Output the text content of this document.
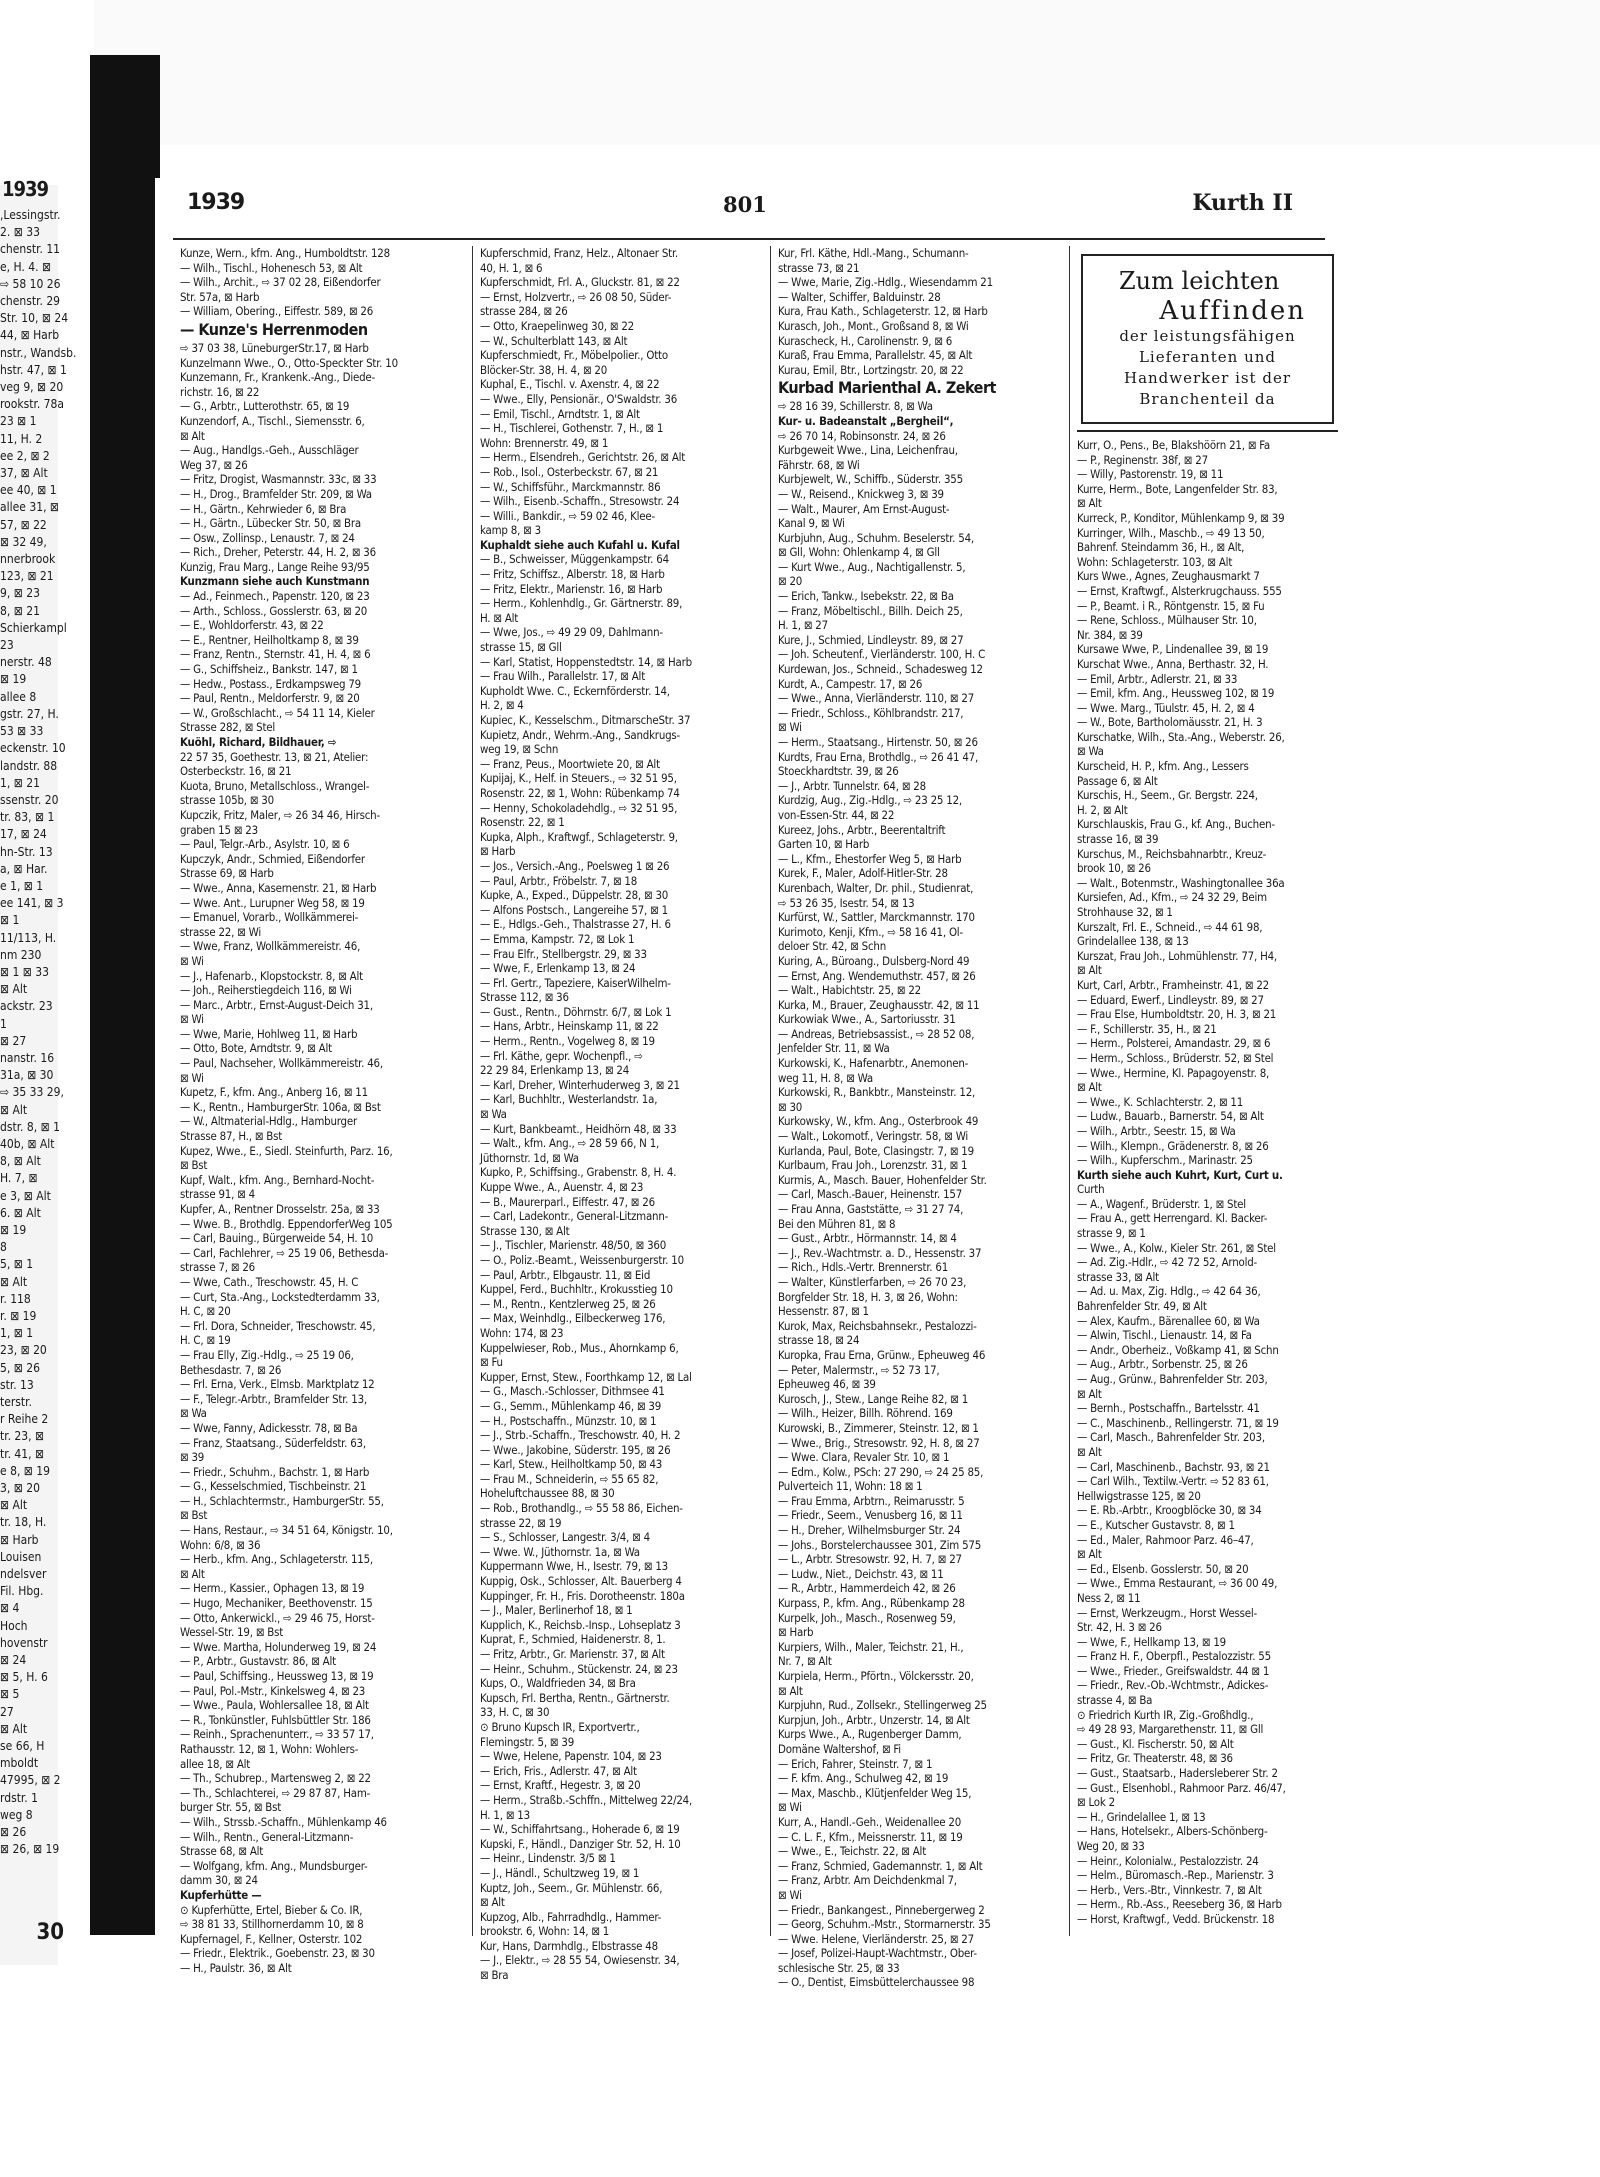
1939
,Lessingstr.
2. ⊠ 33
chenstr. 11
e, H. 4. ⊠
⇨ 58 10 26
chenstr. 29
Str. 10, ⊠ 24
44, ⊠ Harb
nstr., Wandsb.
hstr. 47, ⊠ 1
veg 9, ⊠ 20
rookstr. 78a
23 ⊠ 1
11, H. 2
ee 2, ⊠ 2
37, ⊠ Alt
ee 40, ⊠ 1
allee 31, ⊠
57, ⊠ 22
⊠ 32 49,
nnerbrook
123, ⊠ 21
9, ⊠ 23
8, ⊠ 21
Schierkampl
23
nerstr. 48
⊠ 19
allee 8
gstr. 27, H.
53 ⊠ 33
eckenstr. 10
landstr. 88
1, ⊠ 21
ssenstr. 20
tr. 83, ⊠ 1
17, ⊠ 24
hn-Str. 13
a, ⊠ Har.
e 1, ⊠ 1
ee 141, ⊠ 3
⊠ 1
11/113, H.
nm 230
⊠ 1 ⊠ 33
⊠ Alt
ackstr. 23
1
⊠ 27
nanstr. 16
31a, ⊠ 30
⇨ 35 33 29,
⊠ Alt
dstr. 8, ⊠ 1
40b, ⊠ Alt
8, ⊠ Alt
H. 7, ⊠
e 3, ⊠ Alt
6. ⊠ Alt
⊠ 19
8
5, ⊠ 1
⊠ Alt
r. 118
r. ⊠ 19
1, ⊠ 1
23, ⊠ 20
5, ⊠ 26
str. 13
terstr.
r Reihe 2
tr. 23, ⊠
tr. 41, ⊠
e 8, ⊠ 19
3, ⊠ 20
⊠ Alt
tr. 18, H.
⊠ Harb
Louisen
ndelsver
Fil. Hbg.
⊠ 4
Hoch
hovenstr
⊠ 24
⊠ 5, H. 6
⊠ 5
27
⊠ Alt
se 66, H
mboldt
47995, ⊠ 2
rdstr. 1
weg 8
⊠ 26
⊠ 26, ⊠ 19
30
1939	801	Kurth II
Kunze, Wern., kfm. Ang., Humboldtstr. 128
— Wilh., Tischl., Hohenesch 53, ⊠ Alt
— Wilh., Archit., ⇨ 37 02 28, Eißendorfer
Str. 57a, ⊠ Harb
— William, Obering., Eiffestr. 589, ⊠ 26
— Kunze's Herrenmoden
⇨ 37 03 38, LüneburgerStr.17, ⊠ Harb
Kunzelmann Wwe., O., Otto-Speckter Str. 10
Kunzemann, Fr., Krankenk.-Ang., Diede-
richstr. 16, ⊠ 22
— G., Arbtr., Lutterothstr. 65, ⊠ 19
Kunzendorf, A., Tischl., Siemensstr. 6,
⊠ Alt
— Aug., Handlgs.-Geh., Ausschläger
Weg 37, ⊠ 26
— Fritz, Drogist, Wasmannstr. 33c, ⊠ 33
— H., Drog., Bramfelder Str. 209, ⊠ Wa
— H., Gärtn., Kehrwieder 6, ⊠ Bra
— H., Gärtn., Lübecker Str. 50, ⊠ Bra
— Osw., Zollinsp., Lenaustr. 7, ⊠ 24
— Rich., Dreher, Peterstr. 44, H. 2, ⊠ 36
Kunzig, Frau Marg., Lange Reihe 93/95
Kunzmann siehe auch Kunstmann
— Ad., Feinmech., Papenstr. 120, ⊠ 23
— Arth., Schloss., Gosslerstr. 63, ⊠ 20
— E., Wohldorferstr. 43, ⊠ 22
— E., Rentner, Heilholtkamp 8, ⊠ 39
— Franz, Rentn., Sternstr. 41, H. 4, ⊠ 6
— G., Schiffsheiz., Bankstr. 147, ⊠ 1
— Hedw., Postass., Erdkampsweg 79
— Paul, Rentn., Meldorferstr. 9, ⊠ 20
— W., Großschlacht., ⇨ 54 11 14, Kieler
Strasse 282, ⊠ Stel
Kuöhl, Richard, Bildhauer, ⇨
22 57 35, Goethestr. 13, ⊠ 21, Atelier:
Osterbeckstr. 16, ⊠ 21
Kuota, Bruno, Metallschloss., Wrangel-
strasse 105b, ⊠ 30
Kupczik, Fritz, Maler, ⇨ 26 34 46, Hirsch-
graben 15 ⊠ 23
— Paul, Telgr.-Arb., Asylstr. 10, ⊠ 6
Kupczyk, Andr., Schmied, Eißendorfer
Strasse 69, ⊠ Harb
— Wwe., Anna, Kasernenstr. 21, ⊠ Harb
— Wwe. Ant., Lurupner Weg 58, ⊠ 19
— Emanuel, Vorarb., Wollkämmerei-
strasse 22, ⊠ Wi
— Wwe, Franz, Wollkämmereistr. 46,
⊠ Wi
— J., Hafenarb., Klopstockstr. 8, ⊠ Alt
— Joh., Reiherstiegdeich 116, ⊠ Wi
— Marc., Arbtr., Ernst-August-Deich 31,
⊠ Wi
— Wwe, Marie, Hohlweg 11, ⊠ Harb
— Otto, Bote, Arndtstr. 9, ⊠ Alt
— Paul, Nachseher, Wollkämmereistr. 46,
⊠ Wi
Kupetz, F., kfm. Ang., Anberg 16, ⊠ 11
— K., Rentn., HamburgerStr. 106a, ⊠ Bst
— W., Altmaterial-Hdlg., Hamburger
Strasse 87, H., ⊠ Bst
Kupez, Wwe., E., Siedl. Steinfurth, Parz. 16,
⊠ Bst
Kupf, Walt., kfm. Ang., Bernhard-Nocht-
strasse 91, ⊠ 4
Kupfer, A., Rentner Drosselstr. 25a, ⊠ 33
— Wwe. B., Brothdlg. EppendorferWeg 105
— Carl, Bauing., Bürgerweide 54, H. 10
— Carl, Fachlehrer, ⇨ 25 19 06, Bethesda-
strasse 7, ⊠ 26
— Wwe, Cath., Treschowstr. 45, H. C
— Curt, Sta.-Ang., Lockstedterdamm 33,
H. C, ⊠ 20
— Frl. Dora, Schneider, Treschowstr. 45,
H. C, ⊠ 19
— Frau Elly, Zig.-Hdlg., ⇨ 25 19 06,
Bethesdastr. 7, ⊠ 26
— Frl. Erna, Verk., Elmsb. Marktplatz 12
— F., Telegr.-Arbtr., Bramfelder Str. 13,
⊠ Wa
— Wwe, Fanny, Adickesstr. 78, ⊠ Ba
— Franz, Staatsang., Süderfeldstr. 63,
⊠ 39
— Friedr., Schuhm., Bachstr. 1, ⊠ Harb
— G., Kesselschmied, Tischbeinstr. 21
— H., Schlachtermstr., HamburgerStr. 55,
⊠ Bst
— Hans, Restaur., ⇨ 34 51 64, Königstr. 10,
Wohn: 6/8, ⊠ 36
— Herb., kfm. Ang., Schlageterstr. 115,
⊠ Alt
— Herm., Kassier., Ophagen 13, ⊠ 19
— Hugo, Mechaniker, Beethovenstr. 15
— Otto, Ankerwickl., ⇨ 29 46 75, Horst-
Wessel-Str. 19, ⊠ Bst
— Wwe. Martha, Holunderweg 19, ⊠ 24
— P., Arbtr., Gustavstr. 86, ⊠ Alt
— Paul, Schiffsing., Heussweg 13, ⊠ 19
— Paul, Pol.-Mstr., Kinkelsweg 4, ⊠ 23
— Wwe., Paula, Wohlersallee 18, ⊠ Alt
— R., Tonkünstler, Fuhlsbüttler Str. 186
— Reinh., Sprachenunterr., ⇨ 33 57 17,
Rathausstr. 12, ⊠ 1, Wohn: Wohlers-
allee 18, ⊠ Alt
— Th., Schubrep., Martensweg 2, ⊠ 22
— Th., Schlachterei, ⇨ 29 87 87, Ham-
burger Str. 55, ⊠ Bst
— Wilh., Strssb.-Schaffn., Mühlenkamp 46
— Wilh., Rentn., General-Litzmann-
Strasse 68, ⊠ Alt
— Wolfgang, kfm. Ang., Mundsburger-
damm 30, ⊠ 24
Kupferhütte —
⊙ Kupferhütte, Ertel, Bieber & Co. IR,
⇨ 38 81 33, Stillhornerdamm 10, ⊠ 8
Kupfernagel, F., Kellner, Osterstr. 102
— Friedr., Elektrik., Goebenstr. 23, ⊠ 30
— H., Paulstr. 36, ⊠ Alt
Kupferschmid, Franz, Helz., Altonaer Str.
40, H. 1, ⊠ 6
Kupferschmidt, Frl. A., Gluckstr. 81, ⊠ 22
— Ernst, Holzvertr., ⇨ 26 08 50, Süder-
strasse 284, ⊠ 26
— Otto, Kraepelinweg 30, ⊠ 22
— W., Schulterblatt 143, ⊠ Alt
Kupferschmiedt, Fr., Möbelpolier., Otto
Blöcker-Str. 38, H. 4, ⊠ 20
Kuphal, E., Tischl. v. Axenstr. 4, ⊠ 22
— Wwe., Elly, Pensionär., O'Swaldstr. 36
— Emil, Tischl., Arndtstr. 1, ⊠ Alt
— H., Tischlerei, Gothenstr. 7, H., ⊠ 1
Wohn: Brennerstr. 49, ⊠ 1
— Herm., Elsendreh., Gerichtstr. 26, ⊠ Alt
— Rob., Isol., Osterbeckstr. 67, ⊠ 21
— W., Schiffsführ., Marckmannstr. 86
— Wilh., Eisenb.-Schaffn., Stresowstr. 24
— Willi., Bankdir., ⇨ 59 02 46, Klee-
kamp 8, ⊠ 3
Kuphaldt siehe auch Kufahl u. Kufal
— B., Schweisser, Müggenkampstr. 64
— Fritz, Schiffsz., Alberstr. 18, ⊠ Harb
— Fritz, Elektr., Marienstr. 16, ⊠ Harb
— Herm., Kohlenhdlg., Gr. Gärtnerstr. 89,
H. ⊠ Alt
— Wwe, Jos., ⇨ 49 29 09, Dahlmann-
strasse 15, ⊠ Gll
— Karl, Statist, Hoppenstedtstr. 14, ⊠ Harb
— Frau Wilh., Parallelstr. 17, ⊠ Alt
Kupholdt Wwe. C., Eckernförderstr. 14,
H. 2, ⊠ 4
Kupiec, K., Kesselschm., DitmarscheStr. 37
Kupietz, Andr., Wehrm.-Ang., Sandkrugs-
weg 19, ⊠ Schn
— Franz, Peus., Moortwiete 20, ⊠ Alt
Kupijaj, K., Helf. in Steuers., ⇨ 32 51 95,
Rosenstr. 22, ⊠ 1, Wohn: Rübenkamp 74
— Henny, Schokoladehdlg., ⇨ 32 51 95,
Rosenstr. 22, ⊠ 1
Kupka, Alph., Kraftwgf., Schlageterstr. 9,
⊠ Harb
— Jos., Versich.-Ang., Poelsweg 1 ⊠ 26
— Paul, Arbtr., Fröbelstr. 7, ⊠ 18
Kupke, A., Exped., Düppelstr. 28, ⊠ 30
— Alfons Postsch., Langereihe 57, ⊠ 1
— E., Hdlgs.-Geh., Thalstrasse 27, H. 6
— Emma, Kampstr. 72, ⊠ Lok 1
— Frau Elfr., Stellbergstr. 29, ⊠ 33
— Wwe, F., Erlenkamp 13, ⊠ 24
— Frl. Gertr., Tapeziere, KaiserWilhelm-
Strasse 112, ⊠ 36
— Gust., Rentn., Döhrnstr. 6/7, ⊠ Lok 1
— Hans, Arbtr., Heinskamp 11, ⊠ 22
— Herm., Rentn., Vogelweg 8, ⊠ 19
— Frl. Käthe, gepr. Wochenpfl., ⇨
22 29 84, Erlenkamp 13, ⊠ 24
— Karl, Dreher, Winterhuderweg 3, ⊠ 21
— Karl, Buchhltr., Westerlandstr. 1a,
⊠ Wa
— Kurt, Bankbeamt., Heidhörn 48, ⊠ 33
— Walt., kfm. Ang., ⇨ 28 59 66, N 1,
Jüthornstr. 1d, ⊠ Wa
Kupko, P., Schiffsing., Grabenstr. 8, H. 4.
Kuppe Wwe., A., Auenstr. 4, ⊠ 23
— B., Maurerparl., Eiffestr. 47, ⊠ 26
— Carl, Ladekontr., General-Litzmann-
Strasse 130, ⊠ Alt
— J., Tischler, Marienstr. 48/50, ⊠ 360
— O., Poliz.-Beamt., Weissenburgerstr. 10
— Paul, Arbtr., Elbgaustr. 11, ⊠ Eid
Kuppel, Ferd., Buchhltr., Krokusstieg 10
— M., Rentn., Kentzlerweg 25, ⊠ 26
— Max, Weinhdlg., Eilbeckerweg 176,
Wohn: 174, ⊠ 23
Kuppelwieser, Rob., Mus., Ahornkamp 6,
⊠ Fu
Kupper, Ernst, Stew., Foorthkamp 12, ⊠ Lal
— G., Masch.-Schlosser, Dithmsee 41
— G., Semm., Mühlenkamp 46, ⊠ 39
— H., Postschaffn., Münzstr. 10, ⊠ 1
— J., Strb.-Schaffn., Treschowstr. 40, H. 2
— Wwe., Jakobine, Süderstr. 195, ⊠ 26
— Karl, Stew., Heilholtkamp 50, ⊠ 43
— Frau M., Schneiderin, ⇨ 55 65 82,
Hoheluftchaussee 88, ⊠ 30
— Rob., Brothandlg., ⇨ 55 58 86, Eichen-
strasse 22, ⊠ 19
— S., Schlosser, Langestr. 3/4, ⊠ 4
— Wwe. W., Jüthornstr. 1a, ⊠ Wa
Kuppermann Wwe, H., Isestr. 79, ⊠ 13
Kuppig, Osk., Schlosser, Alt. Bauerberg 4
Kuppinger, Fr. H., Fris. Dorotheenstr. 180a
— J., Maler, Berlinerhof 18, ⊠ 1
Kupplich, K., Reichsb.-Insp., Lohseplatz 3
Kuprat, F., Schmied, Haidenerstr. 8, 1.
— Fritz, Arbtr., Gr. Marienstr. 37, ⊠ Alt
— Heinr., Schuhm., Stückenstr. 24, ⊠ 23
Kups, O., Waldfrieden 34, ⊠ Bra
Kupsch, Frl. Bertha, Rentn., Gärtnerstr.
33, H. C, ⊠ 30
⊙ Bruno Kupsch IR, Exportvertr.,
Flemingstr. 5, ⊠ 39
— Wwe, Helene, Papenstr. 104, ⊠ 23
— Erich, Fris., Adlerstr. 47, ⊠ Alt
— Ernst, Kraftf., Hegestr. 3, ⊠ 20
— Herm., Straßb.-Schffn., Mittelweg 22/24,
H. 1, ⊠ 13
— W., Schiffahrtsang., Hoherade 6, ⊠ 19
Kupski, F., Händl., Danziger Str. 52, H. 10
— Heinr., Lindenstr. 3/5 ⊠ 1
— J., Händl., Schultzweg 19, ⊠ 1
Kuptz, Joh., Seem., Gr. Mühlenstr. 66,
⊠ Alt
Kupzog, Alb., Fahrradhdlg., Hammer-
brookstr. 6, Wohn: 14, ⊠ 1
Kur, Hans, Darmhdlg., Elbstrasse 48
— J., Elektr., ⇨ 28 55 54, Owiesenstr. 34,
⊠ Bra
Kur, Frl. Käthe, Hdl.-Mang., Schumann-
strasse 73, ⊠ 21
— Wwe, Marie, Zig.-Hdlg., Wiesendamm 21
— Walter, Schiffer, Balduinstr. 28
Kura, Frau Kath., Schlageterstr. 12, ⊠ Harb
Kurasch, Joh., Mont., Großsand 8, ⊠ Wi
Kurascheck, H., Carolinenstr. 9, ⊠ 6
Kuraß, Frau Emma, Parallelstr. 45, ⊠ Alt
Kurau, Emil, Btr., Lortzingstr. 20, ⊠ 22
Kurbad Marienthal A. Zekert
⇨ 28 16 39, Schillerstr. 8, ⊠ Wa
Kur- u. Badeanstalt „Bergheil“,
⇨ 26 70 14, Robinsonstr. 24, ⊠ 26
Kurbgeweit Wwe., Lina, Leichenfrau,
Fährstr. 68, ⊠ Wi
Kurbjewelt, W., Schiffb., Süderstr. 355
— W., Reisend., Knickweg 3, ⊠ 39
— Walt., Maurer, Am Ernst-August-
Kanal 9, ⊠ Wi
Kurbjuhn, Aug., Schuhm. Beselerstr. 54,
⊠ Gll, Wohn: Ohlenkamp 4, ⊠ Gll
— Kurt Wwe., Aug., Nachtigallenstr. 5,
⊠ 20
— Erich, Tankw., Isebekstr. 22, ⊠ Ba
— Franz, Möbeltischl., Billh. Deich 25,
H. 1, ⊠ 27
Kure, J., Schmied, Lindleystr. 89, ⊠ 27
— Joh. Scheutenf., Vierländerstr. 100, H. C
Kurdewan, Jos., Schneid., Schadesweg 12
Kurdt, A., Campestr. 17, ⊠ 26
— Wwe., Anna, Vierländerstr. 110, ⊠ 27
— Friedr., Schloss., Köhlbrandstr. 217,
⊠ Wi
— Herm., Staatsang., Hirtenstr. 50, ⊠ 26
Kurdts, Frau Erna, Brothdlg., ⇨ 26 41 47,
Stoeckhardtstr. 39, ⊠ 26
— J., Arbtr. Tunnelstr. 64, ⊠ 28
Kurdzig, Aug., Zig.-Hdlg., ⇨ 23 25 12,
von-Essen-Str. 44, ⊠ 22
Kureez, Johs., Arbtr., Beerentaltrift
Garten 10, ⊠ Harb
— L., Kfm., Ehestorfer Weg 5, ⊠ Harb
Kurek, F., Maler, Adolf-Hitler-Str. 28
Kurenbach, Walter, Dr. phil., Studienrat,
⇨ 53 26 35, Isestr. 54, ⊠ 13
Kurfürst, W., Sattler, Marckmannstr. 170
Kurimoto, Kenji, Kfm., ⇨ 58 16 41, Ol-
deloer Str. 42, ⊠ Schn
Kuring, A., Büroang., Dulsberg-Nord 49
— Ernst, Ang. Wendemuthstr. 457, ⊠ 26
— Walt., Habichtstr. 25, ⊠ 22
Kurka, M., Brauer, Zeughausstr. 42, ⊠ 11
Kurkowiak Wwe., A., Sartoriusstr. 31
— Andreas, Betriebsassist., ⇨ 28 52 08,
Jenfelder Str. 11, ⊠ Wa
Kurkowski, K., Hafenarbtr., Anemonen-
weg 11, H. 8, ⊠ Wa
Kurkowski, R., Bankbtr., Mansteinstr. 12,
⊠ 30
Kurkowsky, W., kfm. Ang., Osterbrook 49
— Walt., Lokomotf., Veringstr. 58, ⊠ Wi
Kurlanda, Paul, Bote, Clasingstr. 7, ⊠ 19
Kurlbaum, Frau Joh., Lorenzstr. 31, ⊠ 1
Kurmis, A., Masch. Bauer, Hohenfelder Str.
— Carl, Masch.-Bauer, Heinenstr. 157
— Frau Anna, Gaststätte, ⇨ 31 27 74,
Bei den Mühren 81, ⊠ 8
— Gust., Arbtr., Hörmannstr. 14, ⊠ 4
— J., Rev.-Wachtmstr. a. D., Hessenstr. 37
— Rich., Hdls.-Vertr. Brennerstr. 61
— Walter, Künstlerfarben, ⇨ 26 70 23,
Borgfelder Str. 18, H. 3, ⊠ 26, Wohn:
Hessenstr. 87, ⊠ 1
Kurok, Max, Reichsbahnsekr., Pestalozzi-
strasse 18, ⊠ 24
Kuropka, Frau Erna, Grünw., Epheuweg 46
— Peter, Malermstr., ⇨ 52 73 17,
Epheuweg 46, ⊠ 39
Kurosch, J., Stew., Lange Reihe 82, ⊠ 1
— Wilh., Heizer, Billh. Röhrend. 169
Kurowski, B., Zimmerer, Steinstr. 12, ⊠ 1
— Wwe., Brig., Stresowstr. 92, H. 8, ⊠ 27
— Wwe. Clara, Revaler Str. 10, ⊠ 1
— Edm., Kolw., PSch: 27 290, ⇨ 24 25 85,
Pulverteich 11, Wohn: 18 ⊠ 1
— Frau Emma, Arbtrn., Reimarusstr. 5
— Friedr., Seem., Venusberg 16, ⊠ 11
— H., Dreher, Wilhelmsburger Str. 24
— Johs., Borstelerchaussee 301, Zim 575
— L., Arbtr. Stresowstr. 92, H. 7, ⊠ 27
— Ludw., Niet., Deichstr. 43, ⊠ 11
— R., Arbtr., Hammerdeich 42, ⊠ 26
Kurpass, P., kfm. Ang., Rübenkamp 28
Kurpelk, Joh., Masch., Rosenweg 59,
⊠ Harb
Kurpiers, Wilh., Maler, Teichstr. 21, H.,
Nr. 7, ⊠ Alt
Kurpiela, Herm., Pförtn., Völckersstr. 20,
⊠ Alt
Kurpjuhn, Rud., Zollsekr., Stellingerweg 25
Kurpjun, Joh., Arbtr., Unzerstr. 14, ⊠ Alt
Kurps Wwe., A., Rugenberger Damm,
Domäne Waltershof, ⊠ Fi
— Erich, Fahrer, Steinstr. 7, ⊠ 1
— F. kfm. Ang., Schulweg 42, ⊠ 19
— Max, Maschb., Klütjenfelder Weg 15,
⊠ Wi
Kurr, A., Handl.-Geh., Weidenallee 20
— C. L. F., Kfm., Meissnerstr. 11, ⊠ 19
— Wwe., E., Teichstr. 22, ⊠ Alt
— Franz, Schmied, Gademannstr. 1, ⊠ Alt
— Franz, Arbtr. Am Deichdenkmal 7,
⊠ Wi
— Friedr., Bankangest., Pinnebergerweg 2
— Georg, Schuhm.-Mstr., Stormarnerstr. 35
— Wwe. Helene, Vierländerstr. 25, ⊠ 27
— Josef, Polizei-Haupt-Wachtmstr., Ober-
schlesische Str. 25, ⊠ 33
— O., Dentist, Eimsbüttelerchaussee 98
Zum leichten
Auffinden
der leistungsfähigen
Lieferanten und
Handwerker ist der
Branchenteil da
Kurr, O., Pens., Be, Blakshöörn 21, ⊠ Fa
— P., Reginenstr. 38f, ⊠ 27
— Willy, Pastorenstr. 19, ⊠ 11
Kurre, Herm., Bote, Langenfelder Str. 83,
⊠ Alt
Kurreck, P., Konditor, Mühlenkamp 9, ⊠ 39
Kurringer, Wilh., Maschb., ⇨ 49 13 50,
Bahrenf. Steindamm 36, H., ⊠ Alt,
Wohn: Schlageterstr. 103, ⊠ Alt
Kurs Wwe., Agnes, Zeughausmarkt 7
— Ernst, Kraftwgf., Alsterkrugchauss. 555
— P., Beamt. i R., Röntgenstr. 15, ⊠ Fu
— Rene, Schloss., Mülhauser Str. 10,
Nr. 384, ⊠ 39
Kursawe Wwe, P., Lindenallee 39, ⊠ 19
Kurschat Wwe., Anna, Berthastr. 32, H.
— Emil, Arbtr., Adlerstr. 21, ⊠ 33
— Emil, kfm. Ang., Heussweg 102, ⊠ 19
— Wwe. Marg., Tüulstr. 45, H. 2, ⊠ 4
— W., Bote, Bartholomäusstr. 21, H. 3
Kurschatke, Wilh., Sta.-Ang., Weberstr. 26,
⊠ Wa
Kurscheid, H. P., kfm. Ang., Lessers
Passage 6, ⊠ Alt
Kurschis, H., Seem., Gr. Bergstr. 224,
H. 2, ⊠ Alt
Kurschlauskis, Frau G., kf. Ang., Buchen-
strasse 16, ⊠ 39
Kurschus, M., Reichsbahnarbtr., Kreuz-
brook 10, ⊠ 26
— Walt., Botenmstr., Washingtonallee 36a
Kursiefen, Ad., Kfm., ⇨ 24 32 29, Beim
Strohhause 32, ⊠ 1
Kurszalt, Frl. E., Schneid., ⇨ 44 61 98,
Grindelallee 138, ⊠ 13
Kurszat, Frau Joh., Lohmühlenstr. 77, H4,
⊠ Alt
Kurt, Carl, Arbtr., Framheinstr. 41, ⊠ 22
— Eduard, Ewerf., Lindleystr. 89, ⊠ 27
— Frau Else, Humboldtstr. 20, H. 3, ⊠ 21
— F., Schillerstr. 35, H., ⊠ 21
— Herm., Polsterei, Amandastr. 29, ⊠ 6
— Herm., Schloss., Brüderstr. 52, ⊠ Stel
— Wwe., Hermine, Kl. Papagoyenstr. 8,
⊠ Alt
— Wwe., K. Schlachterstr. 2, ⊠ 11
— Ludw., Bauarb., Barnerstr. 54, ⊠ Alt
— Wilh., Arbtr., Seestr. 15, ⊠ Wa
— Wilh., Klempn., Grädenerstr. 8, ⊠ 26
— Wilh., Kupferschm., Marinastr. 25
Kurth siehe auch Kuhrt, Kurt, Curt u.
Curth
— A., Wagenf., Brüderstr. 1, ⊠ Stel
— Frau A., gett Herrengard. Kl. Backer-
strasse 9, ⊠ 1
— Wwe., A., Kolw., Kieler Str. 261, ⊠ Stel
— Ad. Zig.-Hdlr., ⇨ 42 72 52, Arnold-
strasse 33, ⊠ Alt
— Ad. u. Max, Zig. Hdlg., ⇨ 42 64 36,
Bahrenfelder Str. 49, ⊠ Alt
— Alex, Kaufm., Bärenallee 60, ⊠ Wa
— Alwin, Tischl., Lienaustr. 14, ⊠ Fa
— Andr., Oberheiz., Voßkamp 41, ⊠ Schn
— Aug., Arbtr., Sorbenstr. 25, ⊠ 26
— Aug., Grünw., Bahrenfelder Str. 203,
⊠ Alt
— Bernh., Postschaffn., Bartelsstr. 41
— C., Maschinenb., Rellingerstr. 71, ⊠ 19
— Carl, Masch., Bahrenfelder Str. 203,
⊠ Alt
— Carl, Maschinenb., Bachstr. 93, ⊠ 21
— Carl Wilh., Textilw.-Vertr. ⇨ 52 83 61,
Hellwigstrasse 125, ⊠ 20
— E. Rb.-Arbtr., Kroogblöcke 30, ⊠ 34
— E., Kutscher Gustavstr. 8, ⊠ 1
— Ed., Maler, Rahmoor Parz. 46–47,
⊠ Alt
— Ed., Elsenb. Gosslerstr. 50, ⊠ 20
— Wwe., Emma Restaurant, ⇨ 36 00 49,
Ness 2, ⊠ 11
— Ernst, Werkzeugm., Horst Wessel-
Str. 42, H. 3 ⊠ 26
— Wwe, F., Hellkamp 13, ⊠ 19
— Franz H. F., Oberpfl., Pestalozzistr. 55
— Wwe., Frieder., Greifswaldstr. 44 ⊠ 1
— Friedr., Rev.-Ob.-Wchtmstr., Adickes-
strasse 4, ⊠ Ba
⊙ Friedrich Kurth IR, Zig.-Großhdlg.,
⇨ 49 28 93, Margarethenstr. 11, ⊠ Gll
— Gust., Kl. Fischerstr. 50, ⊠ Alt
— Fritz, Gr. Theaterstr. 48, ⊠ 36
— Gust., Staatsarb., Hadersleberer Str. 2
— Gust., Elsenhobl., Rahmoor Parz. 46/47,
⊠ Lok 2
— H., Grindelallee 1, ⊠ 13
— Hans, Hotelsekr., Albers-Schönberg-
Weg 20, ⊠ 33
— Heinr., Kolonialw., Pestalozzistr. 24
— Helm., Büromasch.-Rep., Marienstr. 3
— Herb., Vers.-Btr., Vinnkestr. 7, ⊠ Alt
— Herm., Rb.-Ass., Reeseberg 36, ⊠ Harb
— Horst, Kraftwgf., Vedd. Brückenstr. 18
